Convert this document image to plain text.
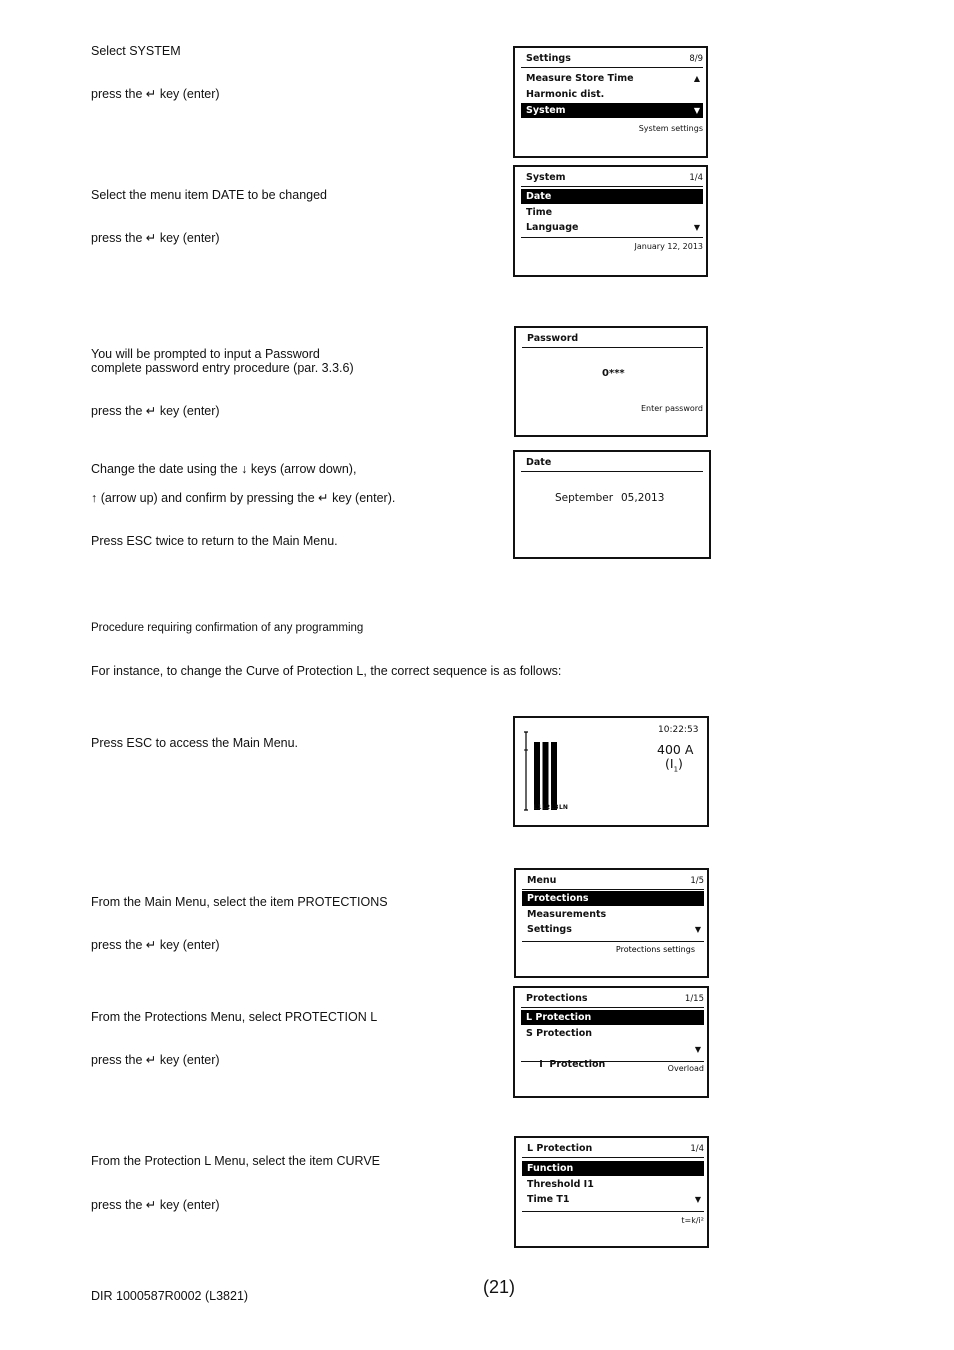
Select SYSTEM
press the ↵ key (enter)
Select the menu item DATE to be changed
press the ↵ key (enter)
You will be prompted to input a Password
complete password entry procedure (par. 3.3.6)
press the ↵ key (enter)
Change the date using the ↓ keys (arrow down),
↑ (arrow up) and confirm by pressing the ↵ key (enter).
Press ESC twice to return to the Main Menu.
Procedure requiring confirmation of any programming
For instance, to change the Curve of Protection L, the correct sequence is as follows:
Press ESC to access the Main Menu.
From the Main Menu, select the item PROTECTIONS
press the ↵ key (enter)
From the Protections Menu, select PROTECTION L
press the ↵ key (enter)
From the Protection L Menu, select the item CURVE
press the ↵ key (enter)
Settings	8/9
Measure Store Time	▲
Harmonic dist.
System	▼
System settings
System	1/4
Date
Time
Language	▼
January 12, 2013
Password
0***
Enter password
Date
September 05,2013
10:22:53
400 A
$(I_1)$
L1 L2 L3 LN
Menu	1/5
Protections
Measurements
Settings	▼
Protections settings
Protections	1/15
L Protection
S Protection

I  Protection

▼

Overload
L Protection	1/4
Function
Threshold I1
Time T1	▼
t=k/i²
DIR 1000587R0002 (L3821)	(21)
